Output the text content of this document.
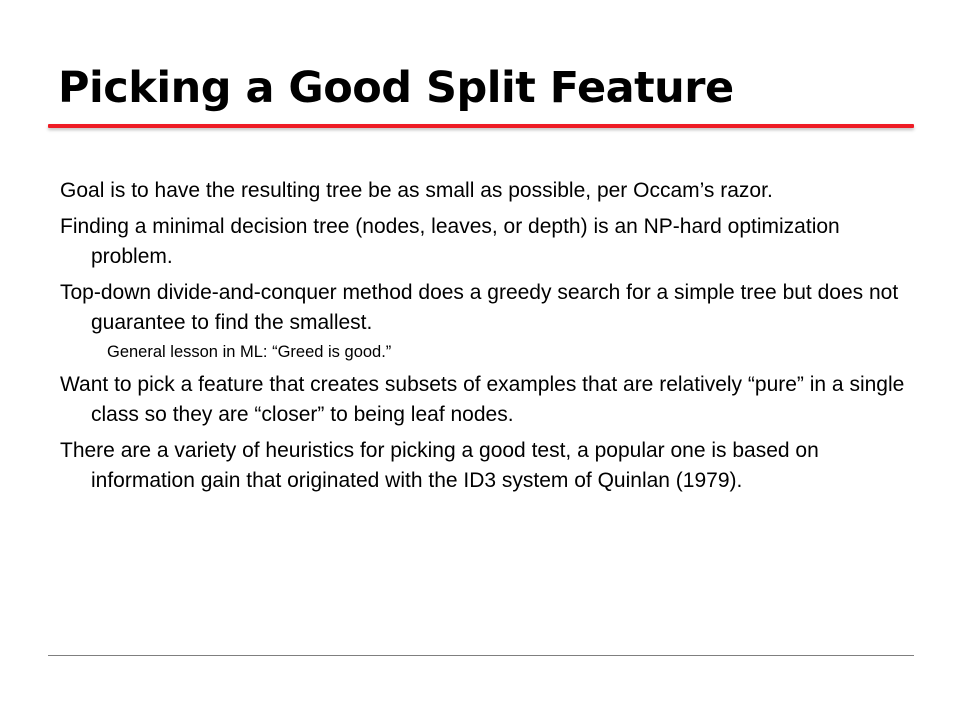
Picking a Good Split Feature

Goal is to have the resulting tree be as small as possible, per Occam’s razor.

Finding a minimal decision tree (nodes, leaves, or depth) is an NP-hard optimization problem.

Top-down divide-and-conquer method does a greedy search for a simple tree but does not guarantee to find the smallest.

General lesson in ML: “Greed is good.”

Want to pick a feature that creates subsets of examples that are relatively “pure” in a single class so they are “closer” to being leaf nodes.

There are a variety of heuristics for picking a good test, a popular one is based on information gain that originated with the ID3 system of Quinlan (1979).
